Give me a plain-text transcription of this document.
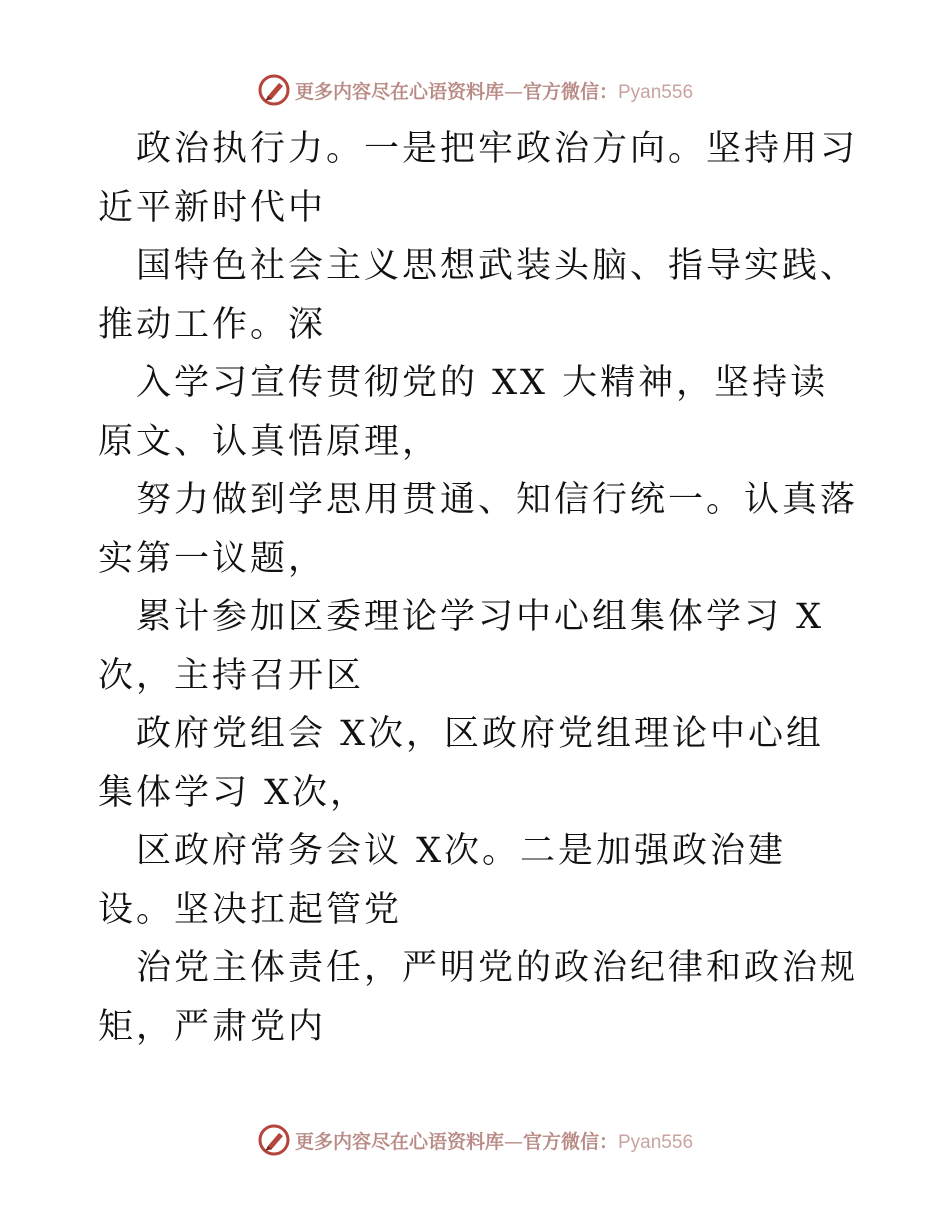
更多内容尽在心语资料库—官方微信：Pyan556

政治执行力。一是把牢政治方向。坚持用习近平新时代中

国特色社会主义思想武装头脑、指导实践、推动工作。深

入学习宣传贯彻党的 XX 大精神，坚持读原文、认真悟原理，

努力做到学思用贯通、知信行统一。认真落实第一议题，

累计参加区委理论学习中心组集体学习 X次，主持召开区

政府党组会 X次，区政府党组理论中心组集体学习 X次，

区政府常务会议 X次。二是加强政治建设。坚决扛起管党

治党主体责任，严明党的政治纪律和政治规矩，严肃党内

更多内容尽在心语资料库—官方微信：Pyan556
